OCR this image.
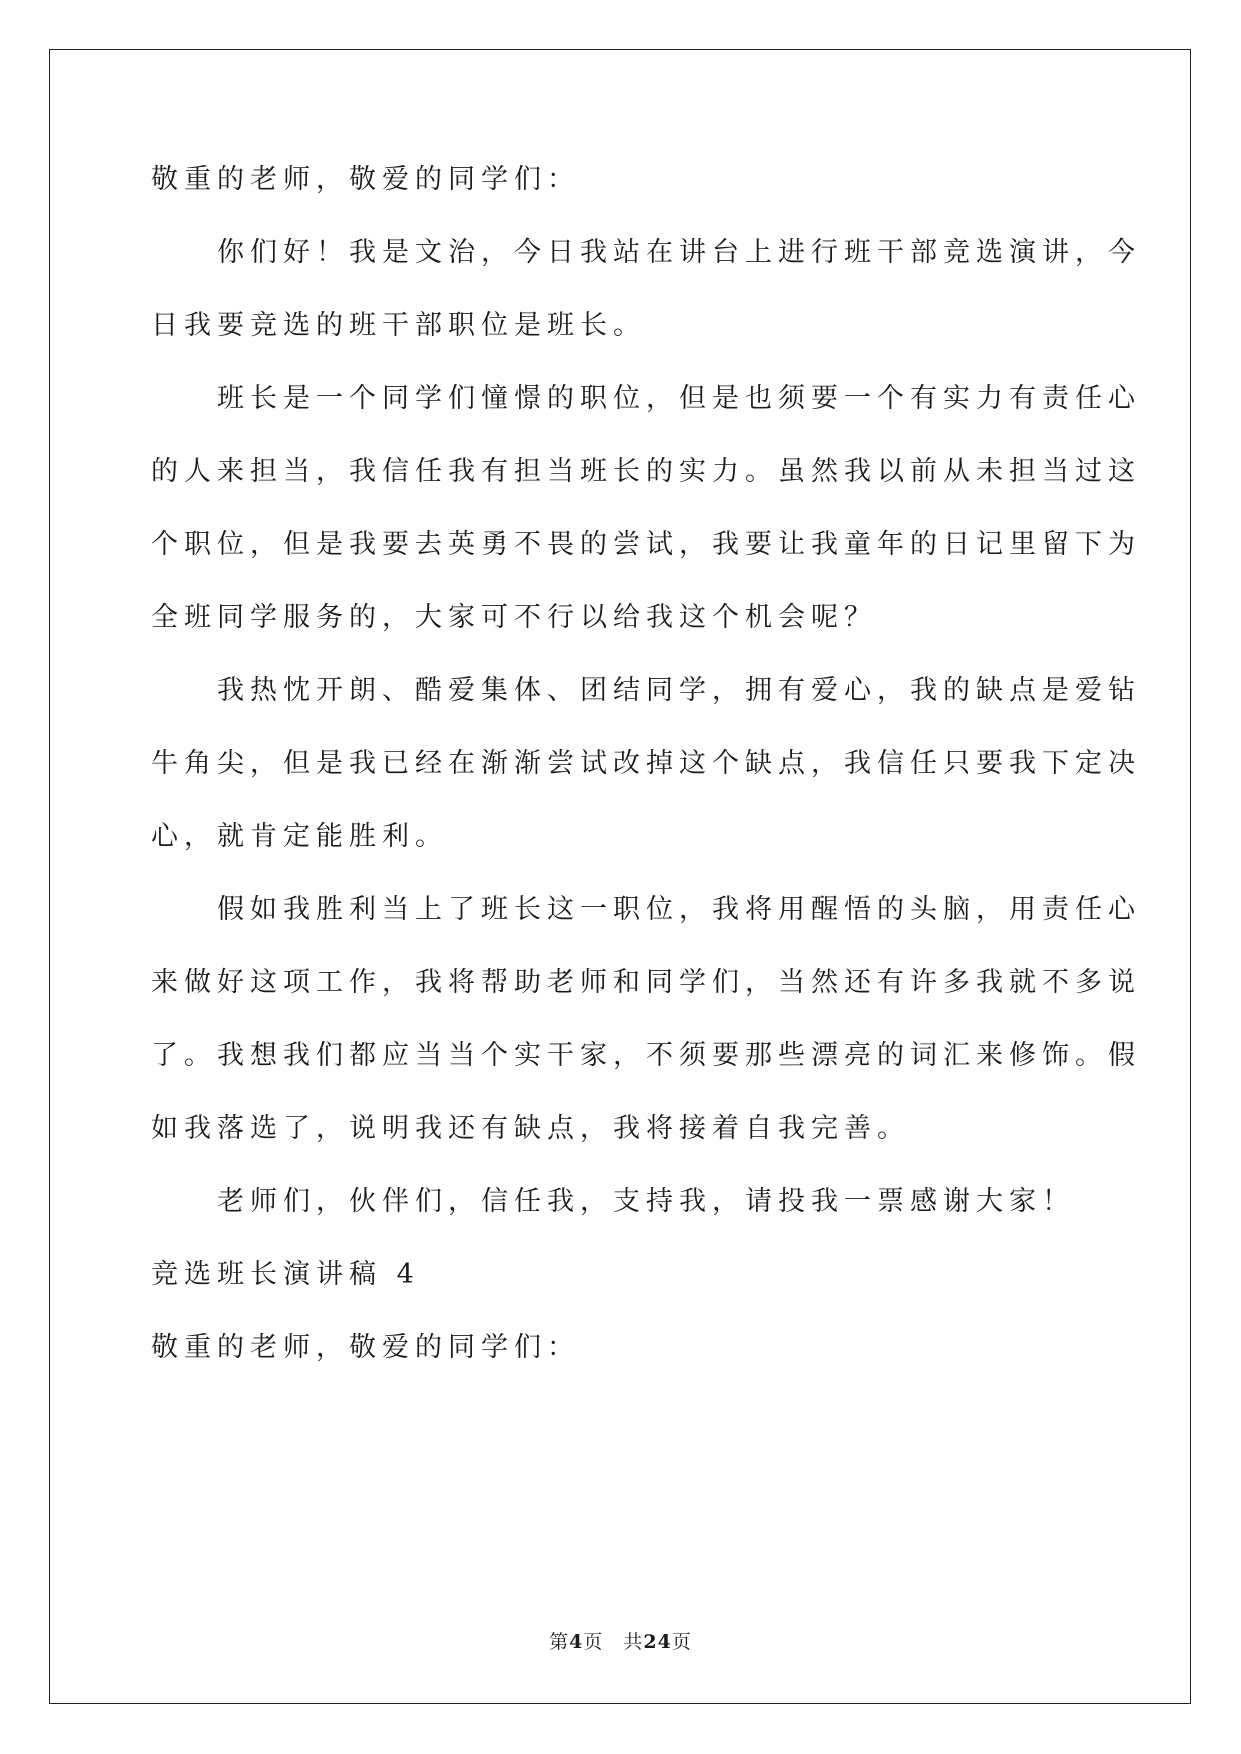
敬重的老师，敬爱的同学们：
　　你们好！我是文治，今日我站在讲台上进行班干部竞选演讲，今
日我要竞选的班干部职位是班长。
　　班长是一个同学们憧憬的职位，但是也须要一个有实力有责任心
的人来担当，我信任我有担当班长的实力。虽然我以前从未担当过这
个职位，但是我要去英勇不畏的尝试，我要让我童年的日记里留下为
全班同学服务的，大家可不行以给我这个机会呢？
　　我热忱开朗、酷爱集体、团结同学，拥有爱心，我的缺点是爱钻
牛角尖，但是我已经在渐渐尝试改掉这个缺点，我信任只要我下定决
心，就肯定能胜利。
　　假如我胜利当上了班长这一职位，我将用醒悟的头脑，用责任心
来做好这项工作，我将帮助老师和同学们，当然还有许多我就不多说
了。我想我们都应当当个实干家，不须要那些漂亮的词汇来修饰。假
如我落选了，说明我还有缺点，我将接着自我完善。
　　老师们，伙伴们，信任我，支持我，请投我一票感谢大家！
竞选班长演讲稿 4
敬重的老师，敬爱的同学们：
第4页　共24页
